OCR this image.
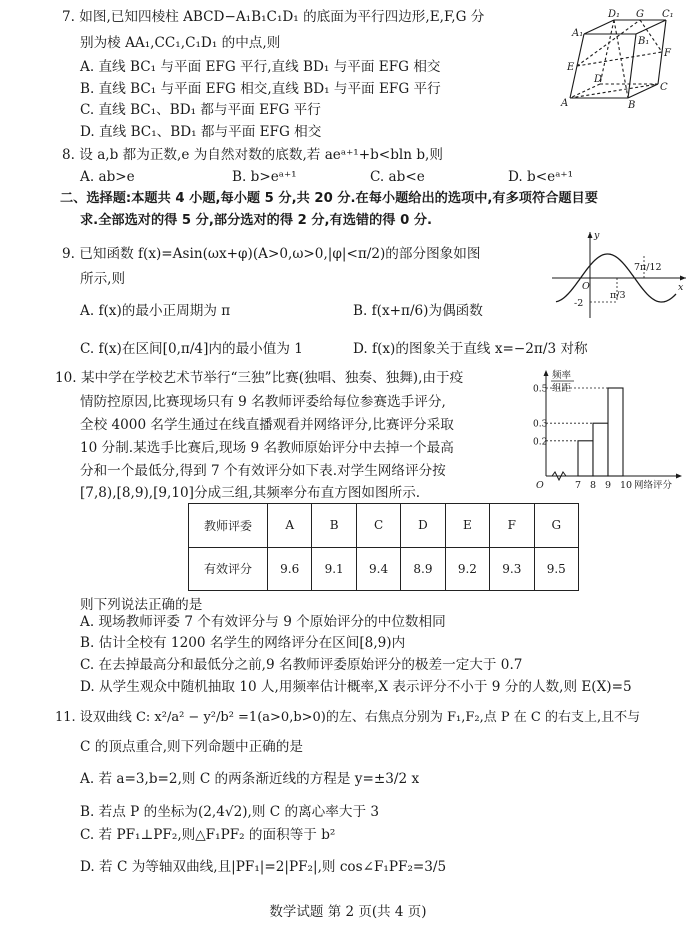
7. 如图,已知四棱柱 ABCD−A₁B₁C₁D₁ 的底面为平行四边形,E,F,G 分
别为棱 AA₁,CC₁,C₁D₁ 的中点,则
A. 直线 BC₁ 与平面 EFG 平行,直线 BD₁ 与平面 EFG 相交
B. 直线 BC₁ 与平面 EFG 相交,直线 BD₁ 与平面 EFG 平行
C. 直线 BC₁、BD₁ 都与平面 EFG 平行
D. 直线 BC₁、BD₁ 都与平面 EFG 相交
D₁	C₁
A₁
B₁
G
E
F
D
C
A	B
8. 设 a,b 都为正数,e 为自然对数的底数,若 aeᵃ⁺¹+b<bln b,则
A. ab>e	B. b>eᵃ⁺¹	C. ab<e	D. b<eᵃ⁺¹
二、选择题:本题共 4 小题,每小题 5 分,共 20 分.在每小题给出的选项中,有多项符合题目要
求.全部选对的得 5 分,部分选对的得 2 分,有选错的得 0 分.
9. 已知函数 f(x)=Asin(ωx+φ)(A>0,ω>0,|φ|<π/2)的部分图象如图
所示,则
A. f(x)的最小正周期为 π	B. f(x+π/6)为偶函数
C. f(x)在区间[0,π/4]内的最小值为 1	D. f(x)的图象关于直线 x=−2π/3 对称
y
O	x
7π/12
π/3
-2
10. 某中学在学校艺术节举行“三独”比赛(独唱、独奏、独舞),由于疫
情防控原因,比赛现场只有 9 名教师评委给每位参赛选手评分,
全校 4000 名学生通过在线直播观看并网络评分,比赛评分采取
10 分制.某选手比赛后,现场 9 名教师原始评分中去掉一个最高
分和一个最低分,得到 7 个有效评分如下表.对学生网络评分按
[7,8),[8,9),[9,10]分成三组,其频率分布直方图如图所示.
0.2
0.3
0.5
7 8 9 10 网络评分
O
频率
组距
教师评委	A	B	C	D	E	F	G
有效评分	9.6	9.1	9.4	8.9	9.2	9.3	9.5
则下列说法正确的是
A. 现场教师评委 7 个有效评分与 9 个原始评分的中位数相同
B. 估计全校有 1200 名学生的网络评分在区间[8,9)内
C. 在去掉最高分和最低分之前,9 名教师评委原始评分的极差一定大于 0.7
D. 从学生观众中随机抽取 10 人,用频率估计概率,X 表示评分不小于 9 分的人数,则 E(X)=5
11. 设双曲线 C: x²/a² − y²/b² =1(a>0,b>0)的左、右焦点分别为 F₁,F₂,点 P 在 C 的右支上,且不与
C 的顶点重合,则下列命题中正确的是
A. 若 a=3,b=2,则 C 的两条渐近线的方程是 y=±3/2 x
B. 若点 P 的坐标为(2,4√2),则 C 的离心率大于 3
C. 若 PF₁⊥PF₂,则△F₁PF₂ 的面积等于 b²
D. 若 C 为等轴双曲线,且|PF₁|=2|PF₂|,则 cos∠F₁PF₂=3/5
数学试题 第 2 页(共 4 页)
